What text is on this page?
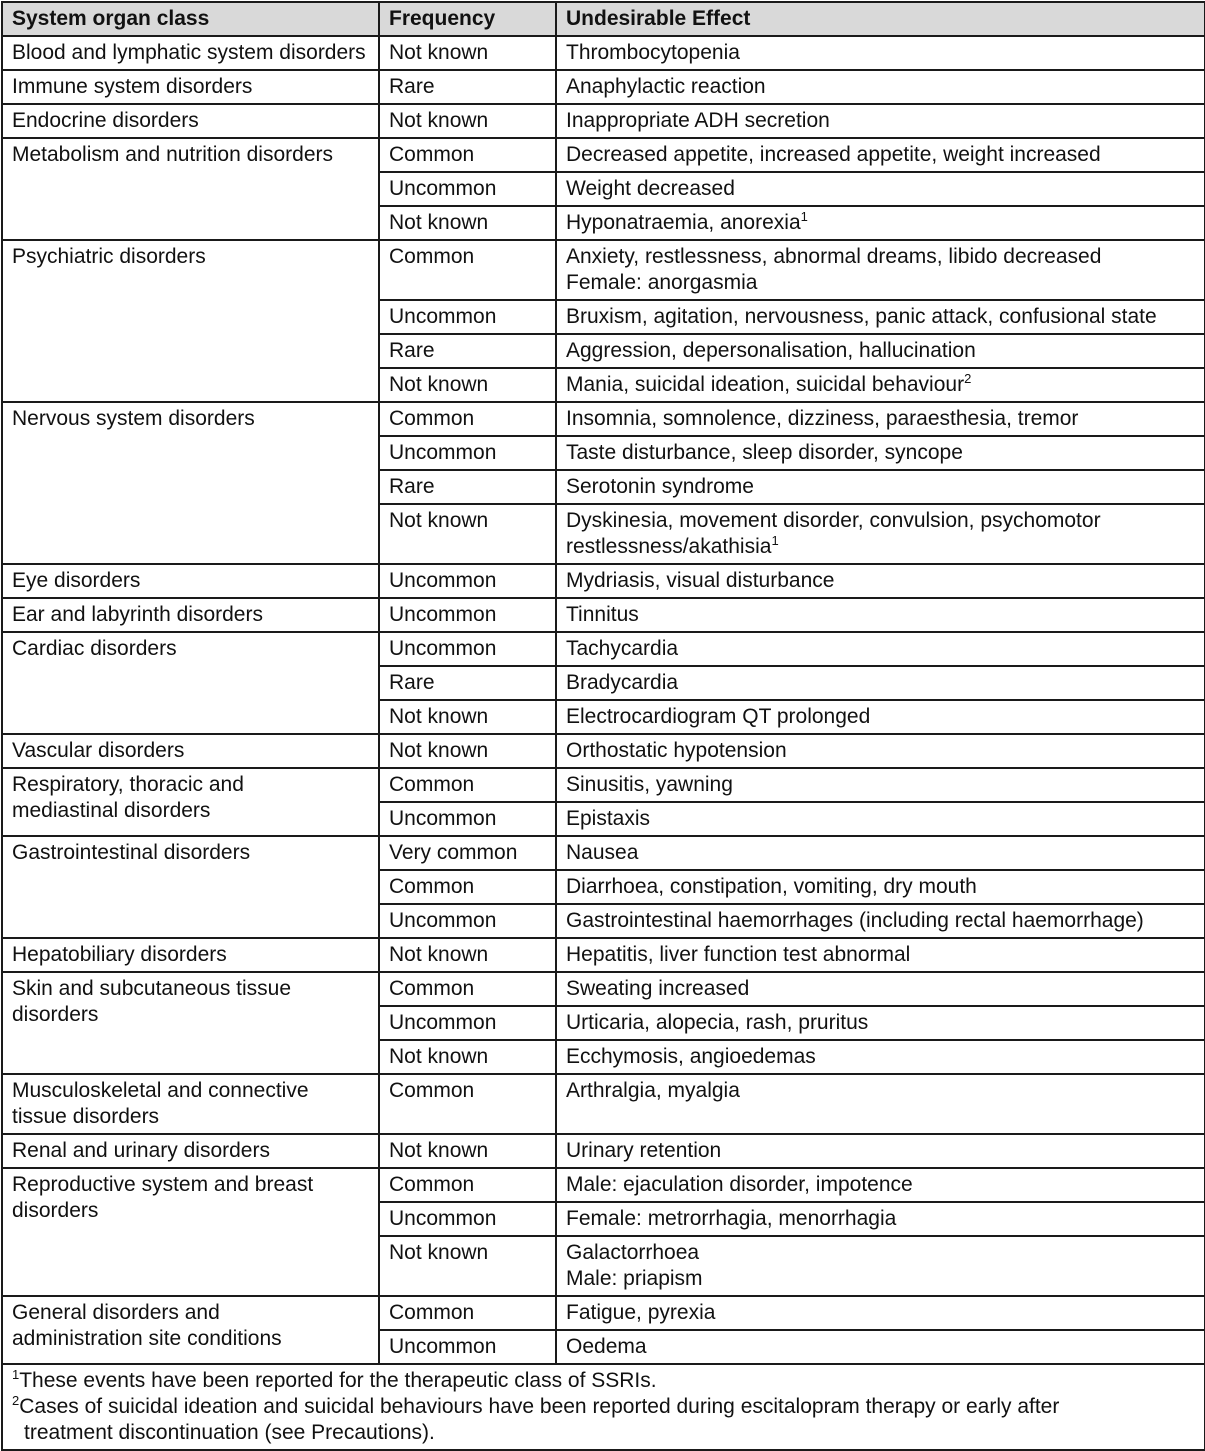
System organ class	Frequency	Undesirable Effect
Blood and lymphatic system disorders	Not known	Thrombocytopenia

Immune system disorders	Rare	Anaphylactic reaction

Endocrine disorders	Not known	Inappropriate ADH secretion

Metabolism and nutrition disorders	Common	Decreased appetite, increased appetite, weight increased

	Uncommon	Weight decreased

	Not known	Hyponatraemia, anorexia$^1$

Psychiatric disorders	Common	Anxiety, restlessness, abnormal dreams, libido decreased
Female: anorgasmia

	Uncommon	Bruxism, agitation, nervousness, panic attack, confusional state

	Rare	Aggression, depersonalisation, hallucination

	Not known	Mania, suicidal ideation, suicidal behaviour$^2$

Nervous system disorders	Common	Insomnia, somnolence, dizziness, paraesthesia, tremor

	Uncommon	Taste disturbance, sleep disorder, syncope

	Rare	Serotonin syndrome

	Not known	Dyskinesia, movement disorder, convulsion, psychomotor
restlessness/akathisia$^1$

Eye disorders	Uncommon	Mydriasis, visual disturbance

Ear and labyrinth disorders	Uncommon	Tinnitus

Cardiac disorders	Uncommon	Tachycardia

	Rare	Bradycardia

	Not known	Electrocardiogram QT prolonged

Vascular disorders	Not known	Orthostatic hypotension

Respiratory, thoracic and
mediastinal disorders	Common	Sinusitis, yawning

	Uncommon	Epistaxis

Gastrointestinal disorders	Very common	Nausea

	Common	Diarrhoea, constipation, vomiting, dry mouth

	Uncommon	Gastrointestinal haemorrhages (including rectal haemorrhage)

Hepatobiliary disorders	Not known	Hepatitis, liver function test abnormal

Skin and subcutaneous tissue
disorders	Common	Sweating increased

	Uncommon	Urticaria, alopecia, rash, pruritus

	Not known	Ecchymosis, angioedemas

Musculoskeletal and connective
tissue disorders	Common	Arthralgia, myalgia

Renal and urinary disorders	Not known	Urinary retention

Reproductive system and breast
disorders	Common	Male: ejaculation disorder, impotence

	Uncommon	Female: metrorrhagia, menorrhagia

	Not known	Galactorrhoea
Male: priapism

General disorders and
administration site conditions	Common	Fatigue, pyrexia

	Uncommon	Oedema

$^1$These events have been reported for the therapeutic class of SSRIs.
$^2$Cases of suicidal ideation and suicidal behaviours have been reported during escitalopram therapy or early after
treatment discontinuation (see Precautions).		
